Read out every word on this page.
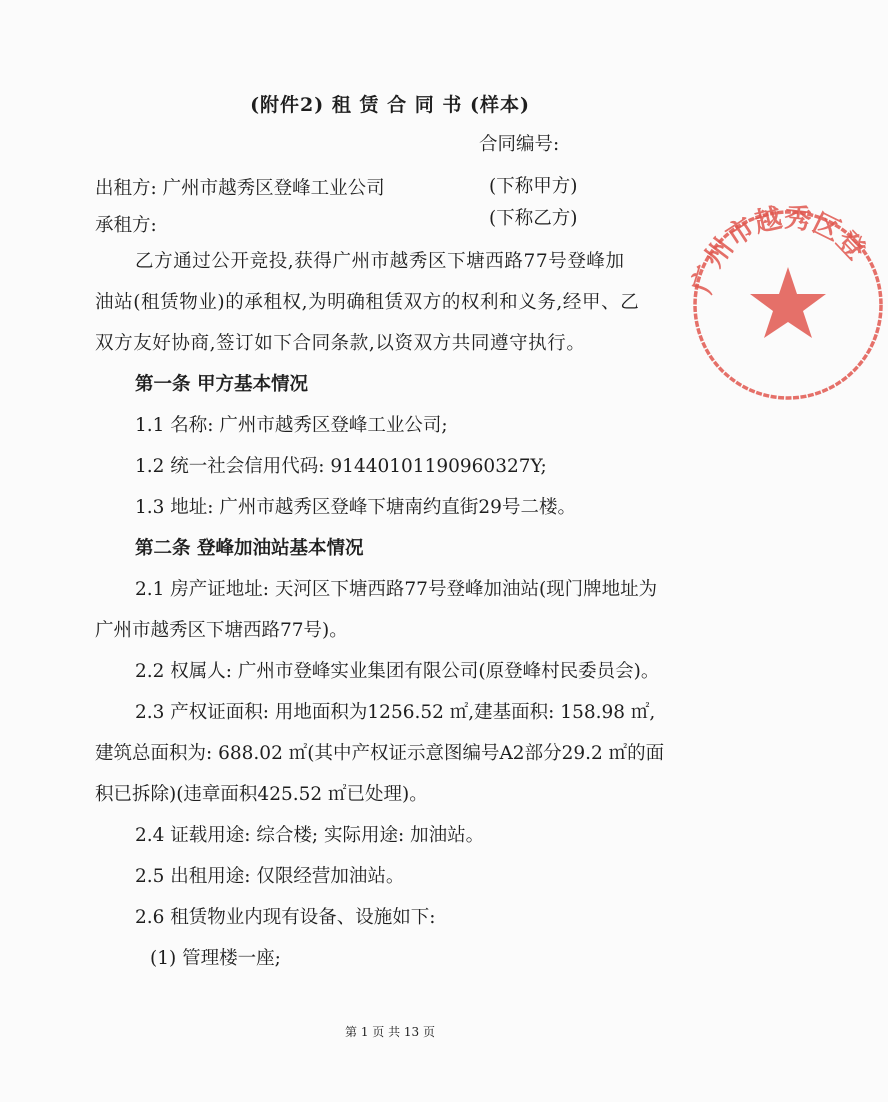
(附件2) 租 赁 合 同 书 (样本)
合同编号:
出租方: 广州市越秀区登峰工业公司	(下称甲方)
承租方:	(下称乙方)
乙方通过公开竞投,获得广州市越秀区下塘西路77号登峰加
油站(租赁物业)的承租权,为明确租赁双方的权利和义务,经甲、乙
双方友好协商,签订如下合同条款,以资双方共同遵守执行。
第一条 甲方基本情况
1.1 名称: 广州市越秀区登峰工业公司;
1.2 统一社会信用代码: 91440101190960327Y;
1.3 地址: 广州市越秀区登峰下塘南约直街29号二楼。
第二条 登峰加油站基本情况
2.1 房产证地址: 天河区下塘西路77号登峰加油站(现门牌地址为
广州市越秀区下塘西路77号)。
2.2 权属人: 广州市登峰实业集团有限公司(原登峰村民委员会)。
2.3 产权证面积: 用地面积为1256.52 ㎡,建基面积: 158.98 ㎡,
建筑总面积为: 688.02 ㎡(其中产权证示意图编号A2部分29.2 ㎡的面
积已拆除)(违章面积425.52 ㎡已处理)。
2.4 证载用途: 综合楼; 实际用途: 加油站。
2.5 出租用途: 仅限经营加油站。
2.6 租赁物业内现有设备、设施如下:
(1) 管理楼一座;
第 1 页 共 13 页
广州市越秀区登
